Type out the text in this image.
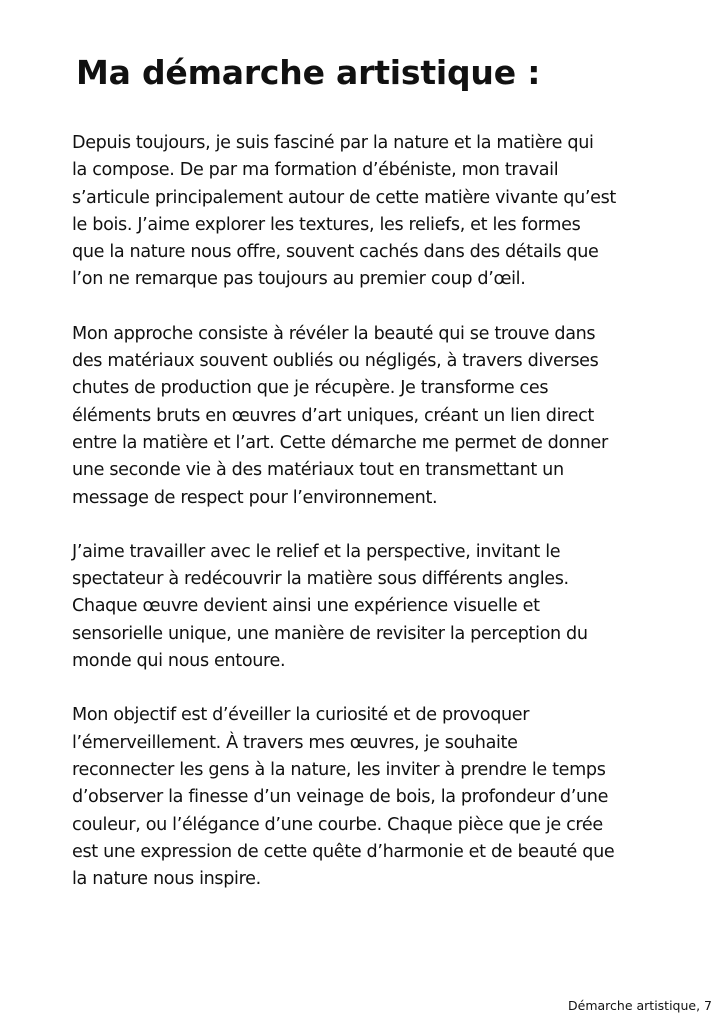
Ma démarche artistique :

Depuis toujours, je suis fasciné par la nature et la matière qui
la compose. De par ma formation d’ébéniste, mon travail
s’articule principalement autour de cette matière vivante qu’est
le bois. J’aime explorer les textures, les reliefs, et les formes
que la nature nous offre, souvent cachés dans des détails que
l’on ne remarque pas toujours au premier coup d’œil.

Mon approche consiste à révéler la beauté qui se trouve dans
des matériaux souvent oubliés ou négligés, à travers diverses
chutes de production que je récupère. Je transforme ces
éléments bruts en œuvres d’art uniques, créant un lien direct
entre la matière et l’art. Cette démarche me permet de donner
une seconde vie à des matériaux tout en transmettant un
message de respect pour l’environnement.

J’aime travailler avec le relief et la perspective, invitant le
spectateur à redécouvrir la matière sous différents angles.
Chaque œuvre devient ainsi une expérience visuelle et
sensorielle unique, une manière de revisiter la perception du
monde qui nous entoure.

Mon objectif est d’éveiller la curiosité et de provoquer
l’émerveillement. À travers mes œuvres, je souhaite
reconnecter les gens à la nature, les inviter à prendre le temps
d’observer la finesse d’un veinage de bois, la profondeur d’une
couleur, ou l’élégance d’une courbe. Chaque pièce que je crée
est une expression de cette quête d’harmonie et de beauté que
la nature nous inspire.

Démarche artistique, 7
